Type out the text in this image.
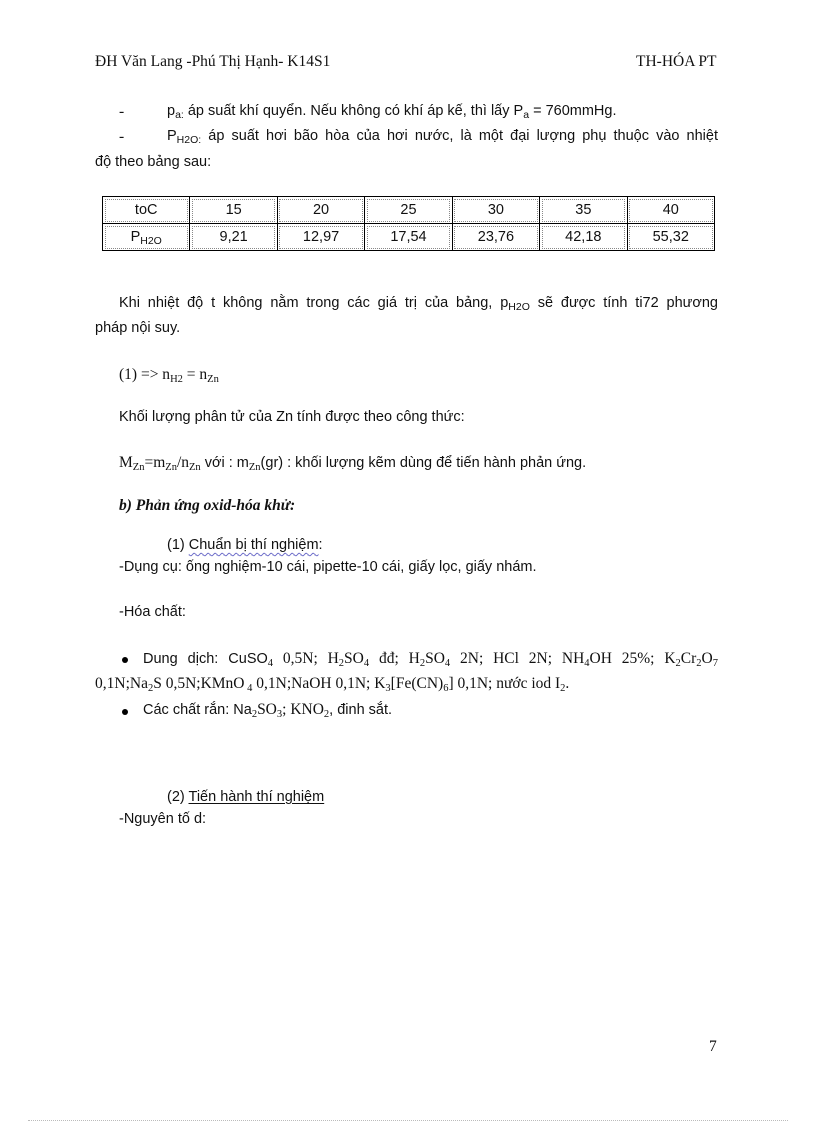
ĐH Văn Lang -Phú Thị Hạnh- K14S1	TH-HÓA PT
-	$p_{a:}$ áp suất khí quyển. Nếu không có khí áp kế, thì lấy $P_a$ = 760mmHg.
-	$P_{H2O:}$ áp suất hơi bão hòa của hơi nước, là một đại lượng phụ thuộc vào nhiệt
độ theo bảng sau:
toC	15	20	25	30	35	40
$P_{H2O}$	9,21	12,97	17,54	23,76	42,18	55,32
Khi nhiệt độ t không nằm trong các giá trị của bảng, $p_{H2O}$ sẽ được tính ti72 phương
pháp nội suy.
$(1) => n_{H2} = n_{Zn}$
Khối lượng phân tử của Zn tính được theo công thức:
$M_{Zn}=m_{Zn}/n_{Zn}$ với : $m_{Zn}(gr)$ : khối lượng kẽm dùng để tiến hành phản ứng.
b) Phản ứng oxid-hóa khử:
(1) Chuẩn bị thí nghiệm:
-Dụng cụ: ống nghiệm-10 cái, pipette-10 cái, giấy lọc, giấy nhám.
-Hóa chất:
Dung dịch: CuSO$_4$ 0,5N; $H_2SO_4$ đđ; $H_2SO_4$ 2N; HCl 2N; $NH_4OH$ 25%; $K_2Cr_2O_7$
$0,1N;Na_2S$ 0,5N;KMnO $_4$ 0,1N;NaOH 0,1N; $K_3[Fe(CN)_6]$ 0,1N; nước iod $I_2$.
Các chất rắn: $Na_2SO_3$; $KNO_2$, đinh sắt.
(2) Tiến hành thí nghiệm
-Nguyên tố d:
7
